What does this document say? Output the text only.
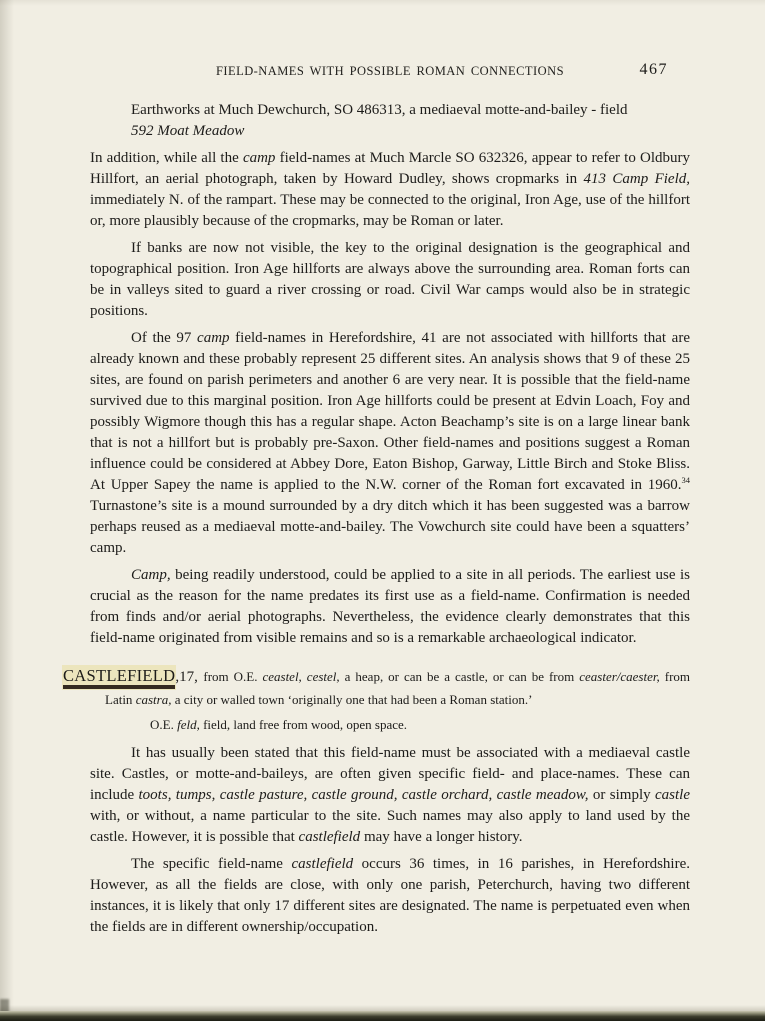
FIELD-NAMES WITH POSSIBLE ROMAN CONNECTIONS	467
Earthworks at Much Dewchurch, SO 486313, a mediaeval motte-and-bailey - field
592 Moat Meadow
In addition, while all the camp field-names at Much Marcle SO 632326, appear to refer to Oldbury Hillfort, an aerial photograph, taken by Howard Dudley, shows cropmarks in 413 Camp Field, immediately N. of the rampart. These may be connected to the original, Iron Age, use of the hillfort or, more plausibly because of the cropmarks, may be Roman or later.
If banks are now not visible, the key to the original designation is the geographical and topographical position. Iron Age hillforts are always above the surrounding area. Roman forts can be in valleys sited to guard a river crossing or road. Civil War camps would also be in strategic positions.
Of the 97 camp field-names in Herefordshire, 41 are not associated with hillforts that are already known and these probably represent 25 different sites. An analysis shows that 9 of these 25 sites, are found on parish perimeters and another 6 are very near. It is possible that the field-name survived due to this marginal position. Iron Age hillforts could be present at Edvin Loach, Foy and possibly Wigmore though this has a regular shape. Acton Beachamp’s site is on a large linear bank that is not a hillfort but is probably pre-Saxon. Other field-names and positions suggest a Roman influence could be considered at Abbey Dore, Eaton Bishop, Garway, Little Birch and Stoke Bliss. At Upper Sapey the name is applied to the N.W. corner of the Roman fort excavated in 1960.34 Turnastone’s site is a mound surrounded by a dry ditch which it has been suggested was a barrow perhaps reused as a mediaeval motte-and-bailey. The Vowchurch site could have been a squatters’ camp.
Camp, being readily understood, could be applied to a site in all periods. The earliest use is crucial as the reason for the name predates its first use as a field-name. Confirmation is needed from finds and/or aerial photographs. Nevertheless, the evidence clearly demonstrates that this field-name originated from visible remains and so is a remarkable archaeological indicator.
CASTLEFIELD,17, from O.E. ceastel, cestel, a heap, or can be a castle, or can be from ceaster/caester, from Latin castra, a city or walled town ‘originally one that had been a Roman station.’
O.E. feld, field, land free from wood, open space.
It has usually been stated that this field-name must be associated with a mediaeval castle site. Castles, or motte-and-baileys, are often given specific field- and place-names. These can include toots, tumps, castle pasture, castle ground, castle orchard, castle meadow, or simply castle with, or without, a name particular to the site. Such names may also apply to land used by the castle. However, it is possible that castlefield may have a longer history.
The specific field-name castlefield occurs 36 times, in 16 parishes, in Herefordshire. However, as all the fields are close, with only one parish, Peterchurch, having two different instances, it is likely that only 17 different sites are designated. The name is perpetuated even when the fields are in different ownership/occupation.
